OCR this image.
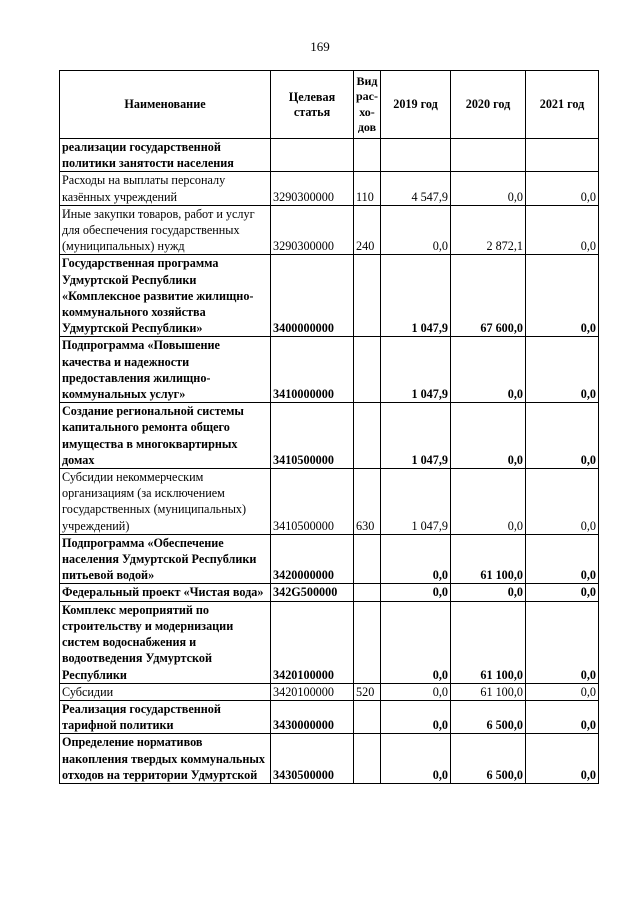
169
Наименование	Целевая статья	Вид рас-хо-дов	2019 год	2020 год	2021 год
реализации государственной политики занятости населения					
Расходы на выплаты персоналу казённых учреждений	3290300000	110	4 547,9	0,0	0,0
Иные закупки товаров, работ и услуг для обеспечения государственных (муниципальных) нужд	3290300000	240	0,0	2 872,1	0,0
Государственная программа Удмуртской Республики «Комплексное развитие жилищно-коммунального хозяйства Удмуртской Республики»	3400000000		1 047,9	67 600,0	0,0
Подпрограмма «Повышение качества и надежности предоставления жилищно-коммунальных услуг»	3410000000		1 047,9	0,0	0,0
Создание региональной системы капитального ремонта общего имущества в многоквартирных домах	3410500000		1 047,9	0,0	0,0
Субсидии некоммерческим организациям (за исключением государственных (муниципальных) учреждений)	3410500000	630	1 047,9	0,0	0,0
Подпрограмма «Обеспечение населения Удмуртской Республики питьевой водой»	3420000000		0,0	61 100,0	0,0
Федеральный проект «Чистая вода»	342G500000		0,0	0,0	0,0
Комплекс мероприятий по строительству и модернизации систем водоснабжения и водоотведения Удмуртской Республики	3420100000		0,0	61 100,0	0,0
Субсидии	3420100000	520	0,0	61 100,0	0,0
Реализация государственной тарифной политики	3430000000		0,0	6 500,0	0,0
Определение нормативов накопления твердых коммунальных отходов на территории Удмуртской	3430500000		0,0	6 500,0	0,0
